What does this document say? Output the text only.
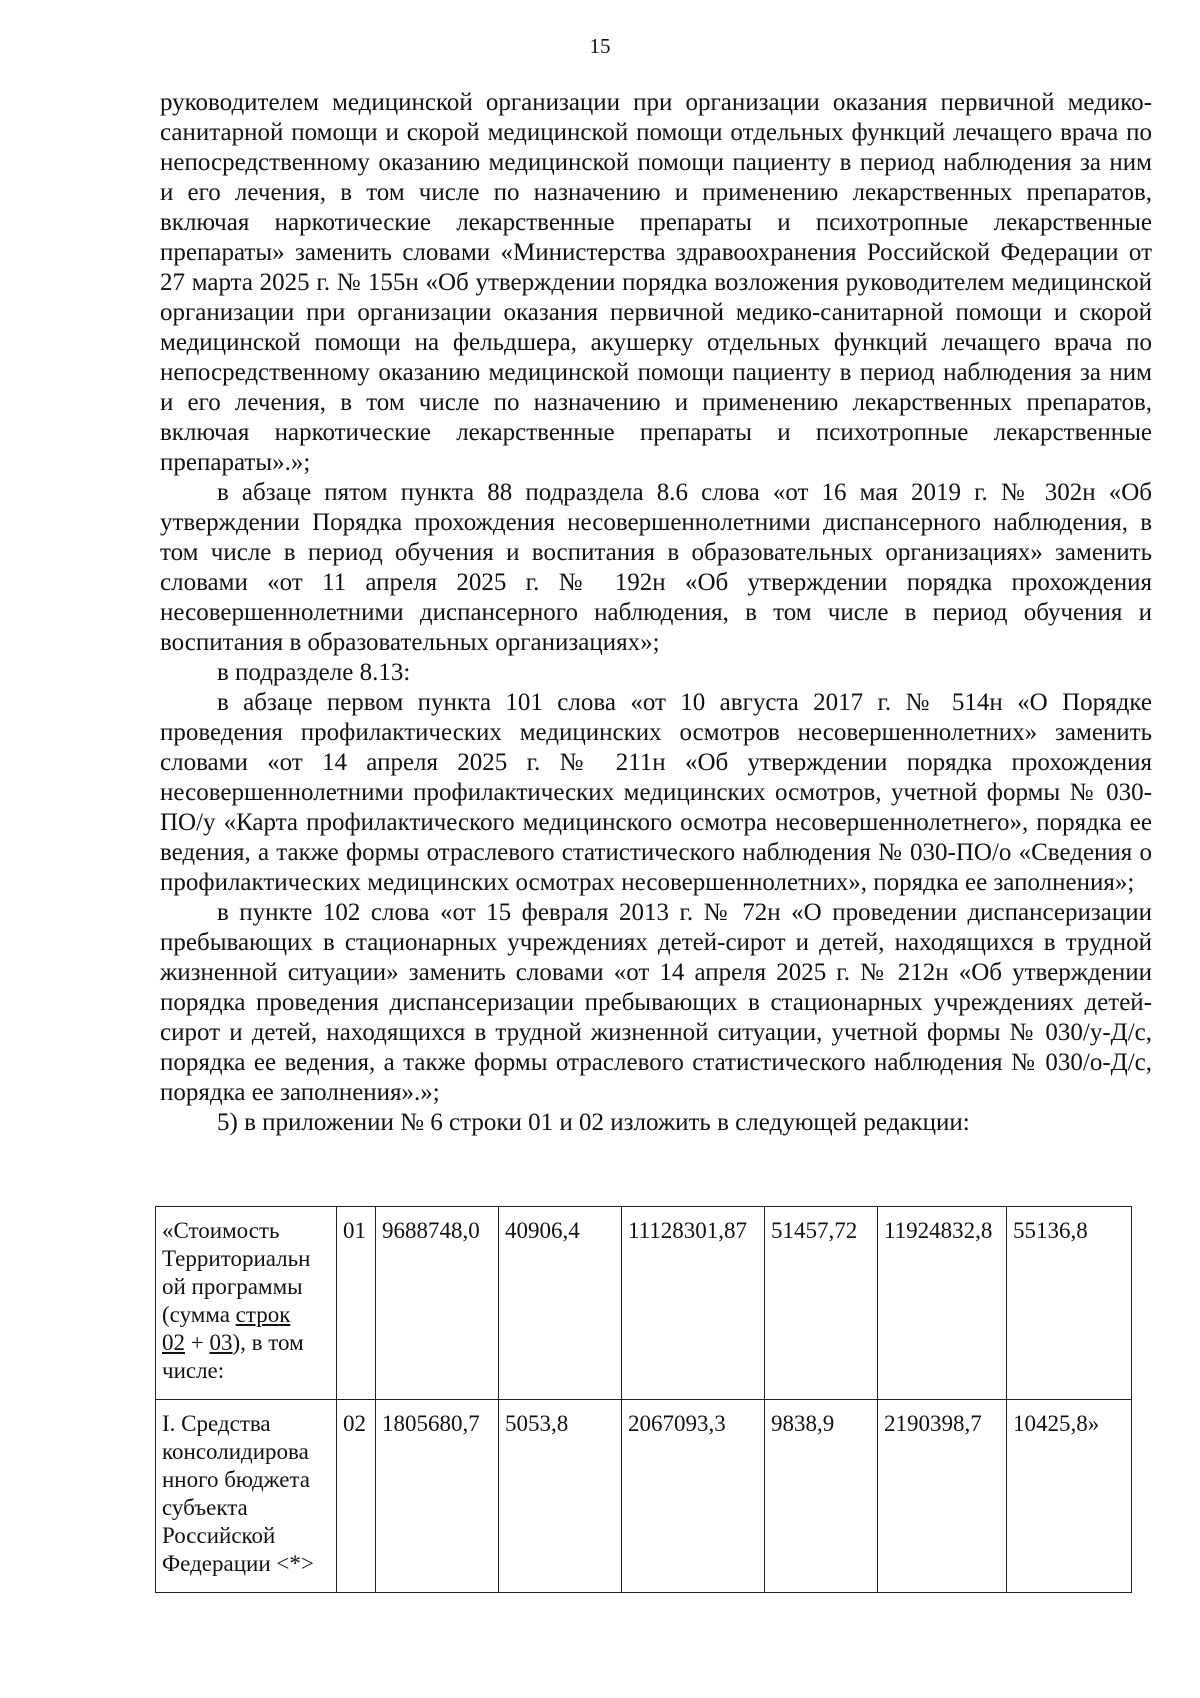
15

руководителем медицинской организации при организации оказания первичной медико-санитарной помощи и скорой медицинской помощи отдельных функций лечащего врача по непосредственному оказанию медицинской помощи пациенту в период наблюдения за ним и его лечения, в том числе по назначению и применению лекарственных препаратов, включая наркотические лекарственные препараты и психотропные лекарственные препараты» заменить словами «Министерства здравоохранения Российской Федерации от 27 марта 2025 г. № 155н «Об утверждении порядка возложения руководителем медицинской организации при организации оказания первичной медико-санитарной помощи и скорой медицинской помощи на фельдшера, акушерку отдельных функций лечащего врача по непосредственному оказанию медицинской помощи пациенту в период наблюдения за ним и его лечения, в том числе по назначению и применению лекарственных препаратов, включая наркотические лекарственные препараты и психотропные лекарственные препараты».»;

в абзаце пятом пункта 88 подраздела 8.6 слова «от 16 мая 2019 г. № 302н «Об утверждении Порядка прохождения несовершеннолетними диспансерного наблюдения, в том числе в период обучения и воспитания в образовательных организациях» заменить словами «от 11 апреля 2025 г. № 192н «Об утверждении порядка прохождения несовершеннолетними диспансерного наблюдения, в том числе в период обучения и воспитания в образовательных организациях»;

в подразделе 8.13:

в абзаце первом пункта 101 слова «от 10 августа 2017 г. № 514н «О Порядке проведения профилактических медицинских осмотров несовершеннолетних» заменить словами «от 14 апреля 2025 г. № 211н «Об утверждении порядка прохождения несовершеннолетними профилактических медицинских осмотров, учетной формы № 030-ПО/у «Карта профилактического медицинского осмотра несовершеннолетнего», порядка ее ведения, а также формы отраслевого статистического наблюдения № 030-ПО/о «Сведения о профилактических медицинских осмотрах несовершеннолетних», порядка ее заполнения»;

в пункте 102 слова «от 15 февраля 2013 г. № 72н «О проведении диспансеризации пребывающих в стационарных учреждениях детей-сирот и детей, находящихся в трудной жизненной ситуации» заменить словами «от 14 апреля 2025 г. № 212н «Об утверждении порядка проведения диспансеризации пребывающих в стационарных учреждениях детей-сирот и детей, находящихся в трудной жизненной ситуации, учетной формы № 030/у-Д/с, порядка ее ведения, а также формы отраслевого статистического наблюдения № 030/о-Д/с, порядка ее заполнения».»;

5) в приложении № 6 строки 01 и 02 изложить в следующей редакции:

«Стоимость Территориальн ой программы (сумма строк
02 + 03), в том числе:	01	9688748,0	40906,4	11128301,87	51457,72	11924832,8	55136,8
I. Средства консолидирова нного бюджета субъекта Российской Федерации <*>	02	1805680,7	5053,8	2067093,3	9838,9	2190398,7	10425,8»
